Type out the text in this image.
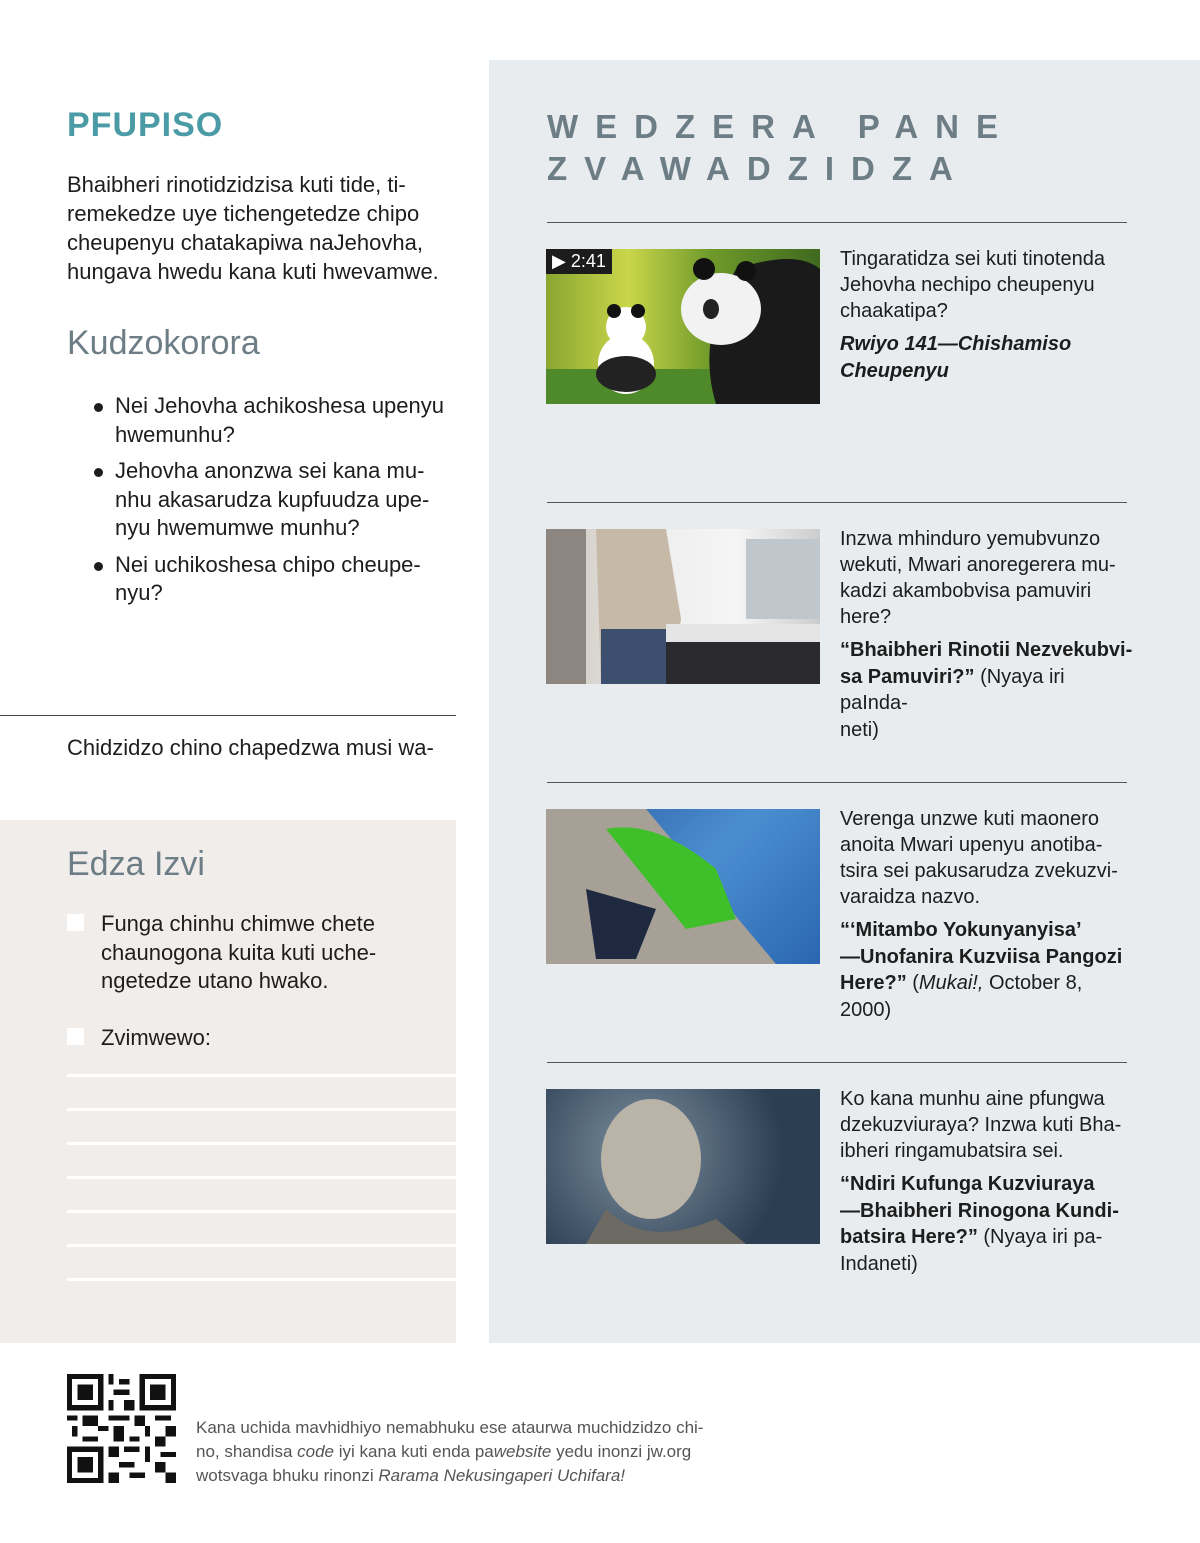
PFUPISO
Bhaibheri rinotidzidzisa kuti tide, ti-
remekedze uye tichengetedze chipo
cheupenyu chatakapiwa naJehovha,
hungava hwedu kana kuti hwevamwe.
Kudzokorora
Nei Jehovha achikoshesa upenyu
hwemunhu?
Jehovha anonzwa sei kana mu-
nhu akasarudza kupfuudza upe-
nyu hwemumwe munhu?
Nei uchikoshesa chipo cheupe-
nyu?
Chidzidzo chino chapedzwa musi wa-
Edza Izvi
Funga chinhu chimwe chete
chaunogona kuita kuti uche-
ngetedze utano hwako.
Zvimwewo:
WEDZERA PANE
ZVAWADZIDZA
▶ 2:41	Tingaratidza sei kuti tinotenda
Jehovha nechipo cheupenyu
chaakatipa?
Rwiyo 141—Chishamiso
Cheupenyu
Inzwa mhinduro yemubvunzo
wekuti, Mwari anoregerera mu-
kadzi akambobvisa pamuviri
here?
“Bhaibheri Rinotii Nezvekubvi-
sa Pamuviri?” (Nyaya iri paInda-
neti)
Verenga unzwe kuti maonero
anoita Mwari upenyu anotiba-
tsira sei pakusarudza zvekuzvi-
varaidza nazvo.
“‘Mitambo Yokunyanyisa’
—Unofanira Kuzviisa Pangozi
Here?” (Mukai!, October 8, 2000)
Ko kana munhu aine pfungwa
dzekuzviuraya? Inzwa kuti Bha-
ibheri ringamubatsira sei.
“Ndiri Kufunga Kuzviuraya
—Bhaibheri Rinogona Kundi-
batsira Here?” (Nyaya iri pa-
Indaneti)
Kana uchida mavhidhiyo nemabhuku ese ataurwa muchidzidzo chi-
no, shandisa code iyi kana kuti enda pawebsite yedu inonzi jw.org
wotsvaga bhuku rinonzi Rarama Nekusingaperi Uchifara!
